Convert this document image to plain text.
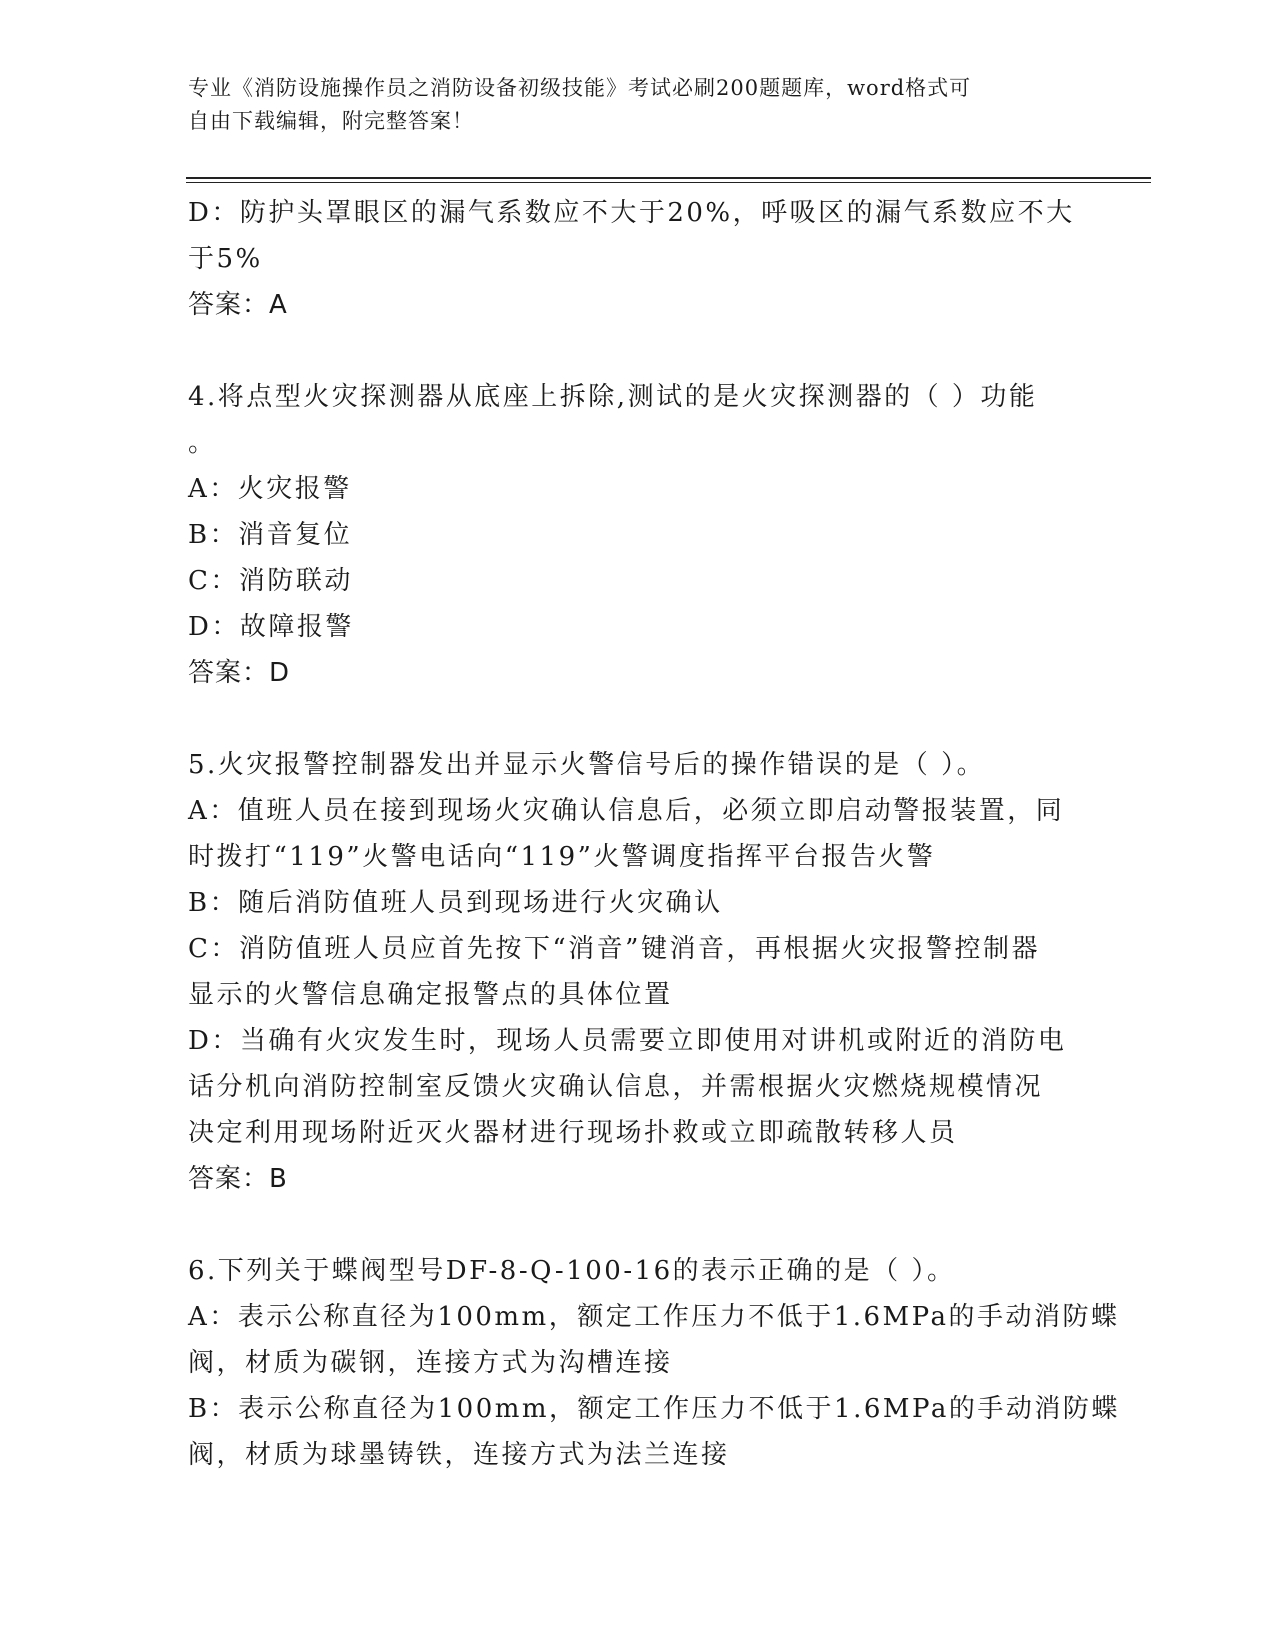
专业《消防设施操作员之消防设备初级技能》考试必刷200题题库，word格式可
自由下载编辑，附完整答案！
D：防护头罩眼区的漏气系数应不大于20%，呼吸区的漏气系数应不大
于5%
答案：A
4.将点型火灾探测器从底座上拆除,测试的是火灾探测器的（ ）功能
。
A：火灾报警
B：消音复位
C：消防联动
D：故障报警
答案：D
5.火灾报警控制器发出并显示火警信号后的操作错误的是（ ）。
A：值班人员在接到现场火灾确认信息后，必须立即启动警报装置，同
时拨打“119”火警电话向“119”火警调度指挥平台报告火警
B：随后消防值班人员到现场进行火灾确认
C：消防值班人员应首先按下“消音”键消音，再根据火灾报警控制器
显示的火警信息确定报警点的具体位置
D：当确有火灾发生时，现场人员需要立即使用对讲机或附近的消防电
话分机向消防控制室反馈火灾确认信息，并需根据火灾燃烧规模情况
决定利用现场附近灭火器材进行现场扑救或立即疏散转移人员
答案：B
6.下列关于蝶阀型号DF-8-Q-100-16的表示正确的是（ ）。
A：表示公称直径为100mm，额定工作压力不低于1.6MPa的手动消防蝶
阀，材质为碳钢，连接方式为沟槽连接
B：表示公称直径为100mm，额定工作压力不低于1.6MPa的手动消防蝶
阀，材质为球墨铸铁，连接方式为法兰连接
